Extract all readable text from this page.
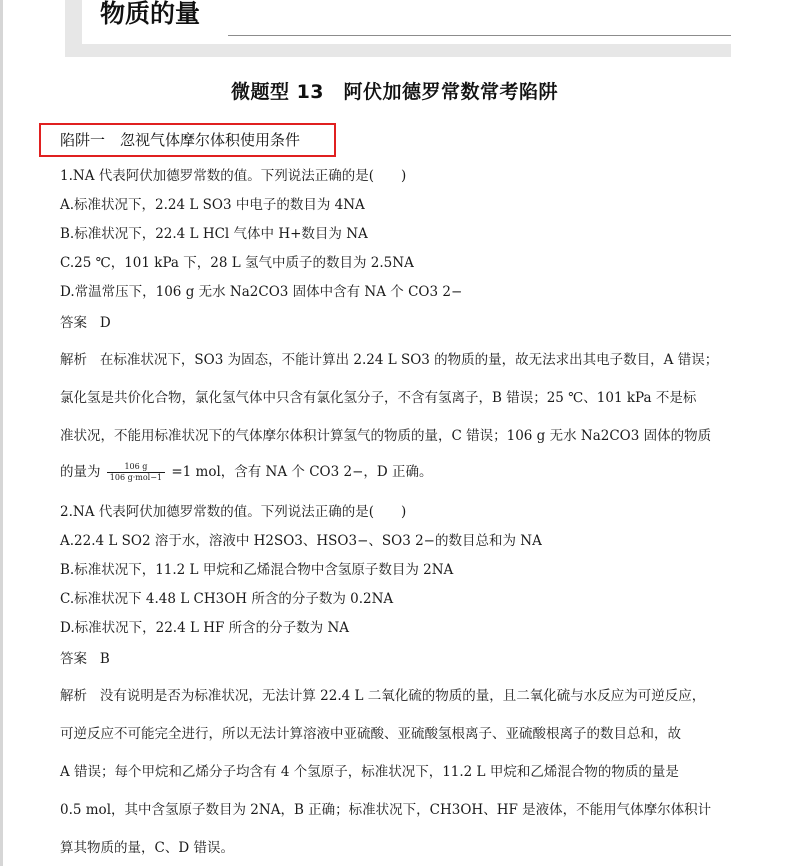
物质的量
微题型 13　阿伏加德罗常数常考陷阱
陷阱一　忽视气体摩尔体积使用条件
1.NA 代表阿伏加德罗常数的值。下列说法正确的是(　　)
A.标准状况下，2.24 L SO3 中电子的数目为 4NA
B.标准状况下，22.4 L HCl 气体中 H+数目为 NA
C.25 ℃，101 kPa 下，28 L 氢气中质子的数目为 2.5NA
D.常温常压下，106 g 无水 Na2CO3 固体中含有 NA 个 CO3 2−
答案 D
解析 在标准状况下，SO3 为固态，不能计算出 2.24 L SO3 的物质的量，故无法求出其电子数目，A 错误；
氯化氢是共价化合物，氯化氢气体中只含有氯化氢分子，不含有氢离子，B 错误；25 ℃、101 kPa 不是标
准状况，不能用标准状况下的气体摩尔体积计算氢气的物质的量，C 错误；106 g 无水 Na2CO3 固体的物质
的量为 $\frac{106 g}{\text{106 g·mol−1}} =1$ mol，含有 NA 个 CO3 2−，D 正确。
2.NA 代表阿伏加德罗常数的值。下列说法正确的是(　　)
A.22.4 L SO2 溶于水，溶液中 H2SO3、HSO3−、SO3 2−的数目总和为 NA
B.标准状况下，11.2 L 甲烷和乙烯混合物中含氢原子数目为 2NA
C.标准状况下 4.48 L CH3OH 所含的分子数为 0.2NA
D.标准状况下，22.4 L HF 所含的分子数为 NA
答案 B
解析 没有说明是否为标准状况，无法计算 22.4 L 二氧化硫的物质的量，且二氧化硫与水反应为可逆反应，
可逆反应不可能完全进行，所以无法计算溶液中亚硫酸、亚硫酸氢根离子、亚硫酸根离子的数目总和，故
A 错误；每个甲烷和乙烯分子均含有 4 个氢原子，标准状况下，11.2 L 甲烷和乙烯混合物的物质的量是
0.5 mol，其中含氢原子数目为 2NA，B 正确；标准状况下，CH3OH、HF 是液体，不能用气体摩尔体积计
算其物质的量，C、D 错误。
